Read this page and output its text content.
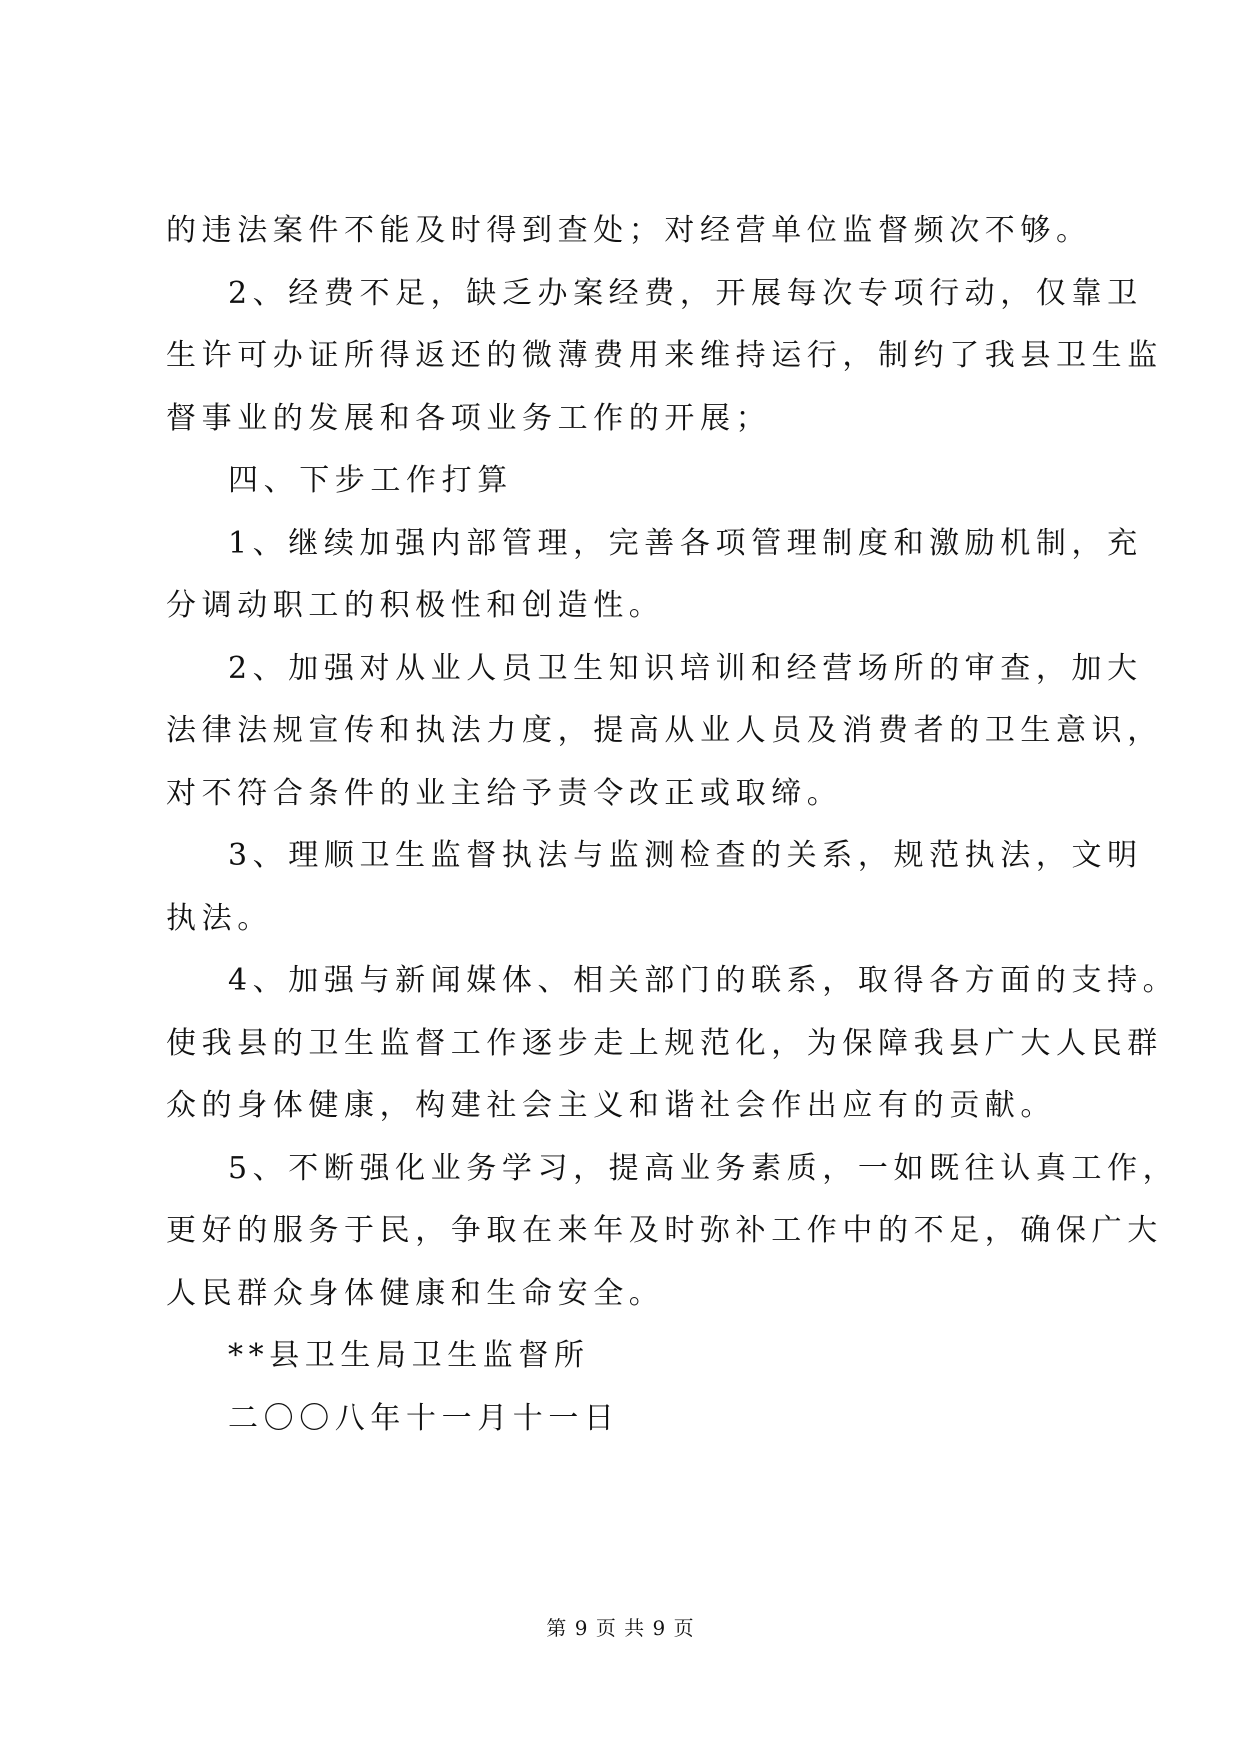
的违法案件不能及时得到查处；对经营单位监督频次不够。

2、经费不足，缺乏办案经费，开展每次专项行动，仅靠卫

生许可办证所得返还的微薄费用来维持运行，制约了我县卫生监

督事业的发展和各项业务工作的开展；

四、下步工作打算

1、继续加强内部管理，完善各项管理制度和激励机制，充

分调动职工的积极性和创造性。

2、加强对从业人员卫生知识培训和经营场所的审查，加大

法律法规宣传和执法力度，提高从业人员及消费者的卫生意识，

对不符合条件的业主给予责令改正或取缔。

3、理顺卫生监督执法与监测检查的关系，规范执法，文明

执法。

4、加强与新闻媒体、相关部门的联系，取得各方面的支持。

使我县的卫生监督工作逐步走上规范化，为保障我县广大人民群

众的身体健康，构建社会主义和谐社会作出应有的贡献。

5、不断强化业务学习，提高业务素质，一如既往认真工作，

更好的服务于民，争取在来年及时弥补工作中的不足，确保广大

人民群众身体健康和生命安全。

**县卫生局卫生监督所

二〇〇八年十一月十一日

第 9 页 共 9 页
